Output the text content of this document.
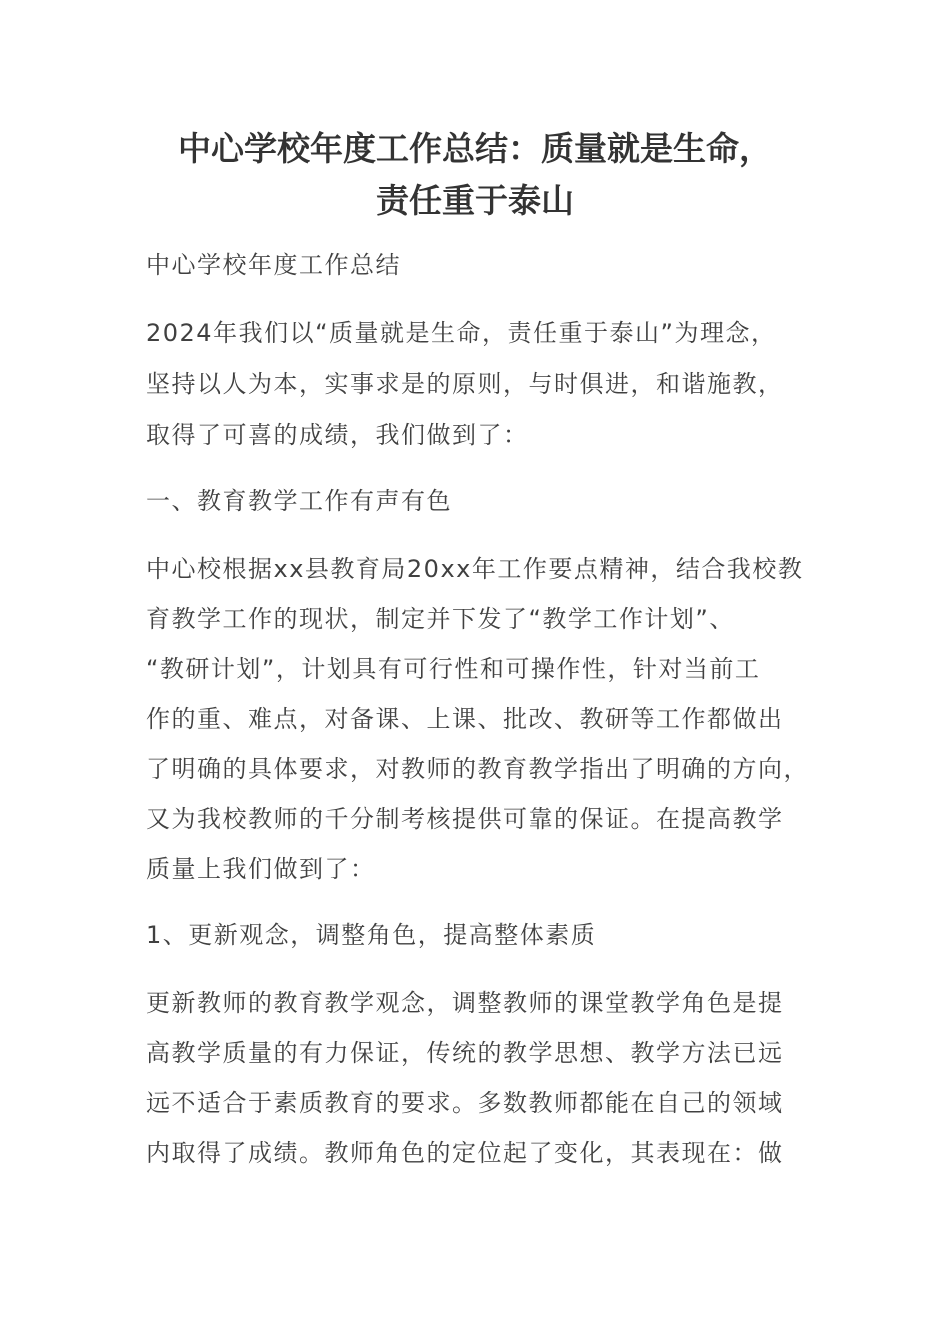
中心学校年度工作总结：质量就是生命，
责任重于泰山

中心学校年度工作总结

2024年我们以“质量就是生命，责任重于泰山”为理念，

坚持以人为本，实事求是的原则，与时俱进，和谐施教，

取得了可喜的成绩，我们做到了：

一、教育教学工作有声有色

中心校根据xx县教育局20xx年工作要点精神，结合我校教

育教学工作的现状，制定并下发了“教学工作计划”、

“教研计划”，计划具有可行性和可操作性，针对当前工

作的重、难点，对备课、上课、批改、教研等工作都做出

了明确的具体要求，对教师的教育教学指出了明确的方向，

又为我校教师的千分制考核提供可靠的保证。在提高教学

质量上我们做到了：

1、更新观念，调整角色，提高整体素质

更新教师的教育教学观念，调整教师的课堂教学角色是提

高教学质量的有力保证，传统的教学思想、教学方法已远

远不适合于素质教育的要求。多数教师都能在自己的领域

内取得了成绩。教师角色的定位起了变化，其表现在：做
